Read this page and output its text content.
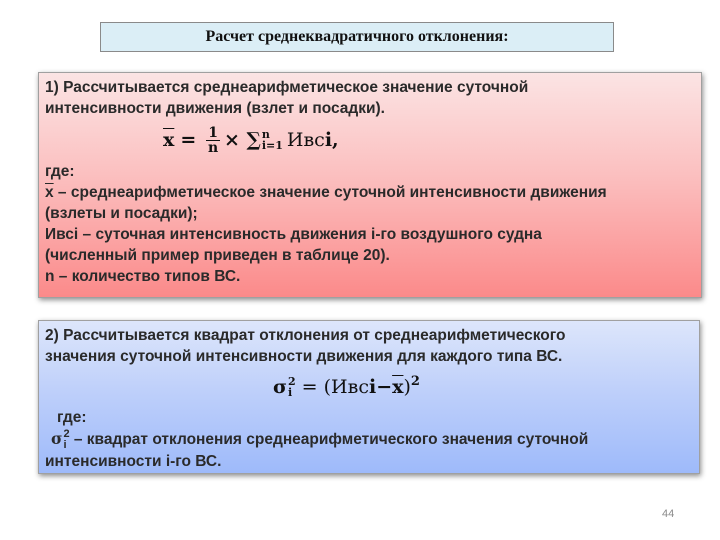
Расчет среднеквадратичного отклонения:
1) Рассчитывается среднеарифметическое значение суточной
интенсивности движения (взлет и посадки).
$\overline{x} = \frac{1}{n}$ × ∑ n
i=1 Ивс i ,
где:
$\overline{x}$ – среднеарифметическое значение суточной интенсивности движения
(взлеты и посадки);
Ивсi – суточная интенсивность движения i-го воздушного судна
(численный пример приведен в таблице 20).
n – количество типов ВС.
2) Рассчитывается квадрат отклонения от среднеарифметического
значения суточной интенсивности движения для каждого типа ВС.
σ 2
i = ( Ивс $i - \overline{x}$ ) 2
где:
σ 2
i – квадрат отклонения среднеарифметического значения суточной
интенсивности i-го ВС.
44
